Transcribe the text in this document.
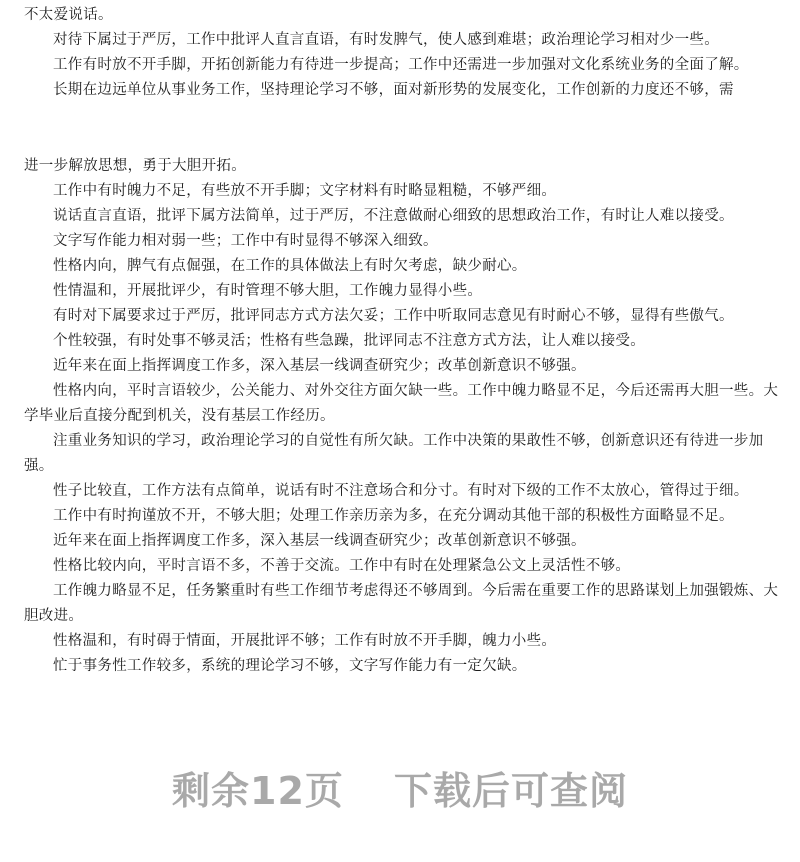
不太爱说话。

对待下属过于严厉，工作中批评人直言直语，有时发脾气，使人感到难堪；政治理论学习相对少一些。

工作有时放不开手脚，开拓创新能力有待进一步提高；工作中还需进一步加强对文化系统业务的全面了解。

长期在边远单位从事业务工作，坚持理论学习不够，面对新形势的发展变化，工作创新的力度还不够，需

进一步解放思想，勇于大胆开拓。

工作中有时魄力不足，有些放不开手脚；文字材料有时略显粗糙，不够严细。

说话直言直语，批评下属方法简单，过于严厉，不注意做耐心细致的思想政治工作，有时让人难以接受。

文字写作能力相对弱一些；工作中有时显得不够深入细致。

性格内向，脾气有点倔强，在工作的具体做法上有时欠考虑，缺少耐心。

性情温和，开展批评少，有时管理不够大胆，工作魄力显得小些。

有时对下属要求过于严厉，批评同志方式方法欠妥；工作中听取同志意见有时耐心不够，显得有些傲气。

个性较强，有时处事不够灵活；性格有些急躁，批评同志不注意方式方法，让人难以接受。

近年来在面上指挥调度工作多，深入基层一线调查研究少；改革创新意识不够强。

性格内向，平时言语较少，公关能力、对外交往方面欠缺一些。工作中魄力略显不足，今后还需再大胆一些。大学毕业后直接分配到机关，没有基层工作经历。

注重业务知识的学习，政治理论学习的自觉性有所欠缺。工作中决策的果敢性不够，创新意识还有待进一步加强。

性子比较直，工作方法有点简单，说话有时不注意场合和分寸。有时对下级的工作不太放心，管得过于细。

工作中有时拘谨放不开，不够大胆；处理工作亲历亲为多，在充分调动其他干部的积极性方面略显不足。

近年来在面上指挥调度工作多，深入基层一线调查研究少；改革创新意识不够强。

性格比较内向，平时言语不多，不善于交流。工作中有时在处理紧急公文上灵活性不够。

工作魄力略显不足，任务繁重时有些工作细节考虑得还不够周到。今后需在重要工作的思路谋划上加强锻炼、大胆改进。

性格温和，有时碍于情面，开展批评不够；工作有时放不开手脚，魄力小些。

忙于事务性工作较多，系统的理论学习不够，文字写作能力有一定欠缺。

剩余12页 下载后可查阅
